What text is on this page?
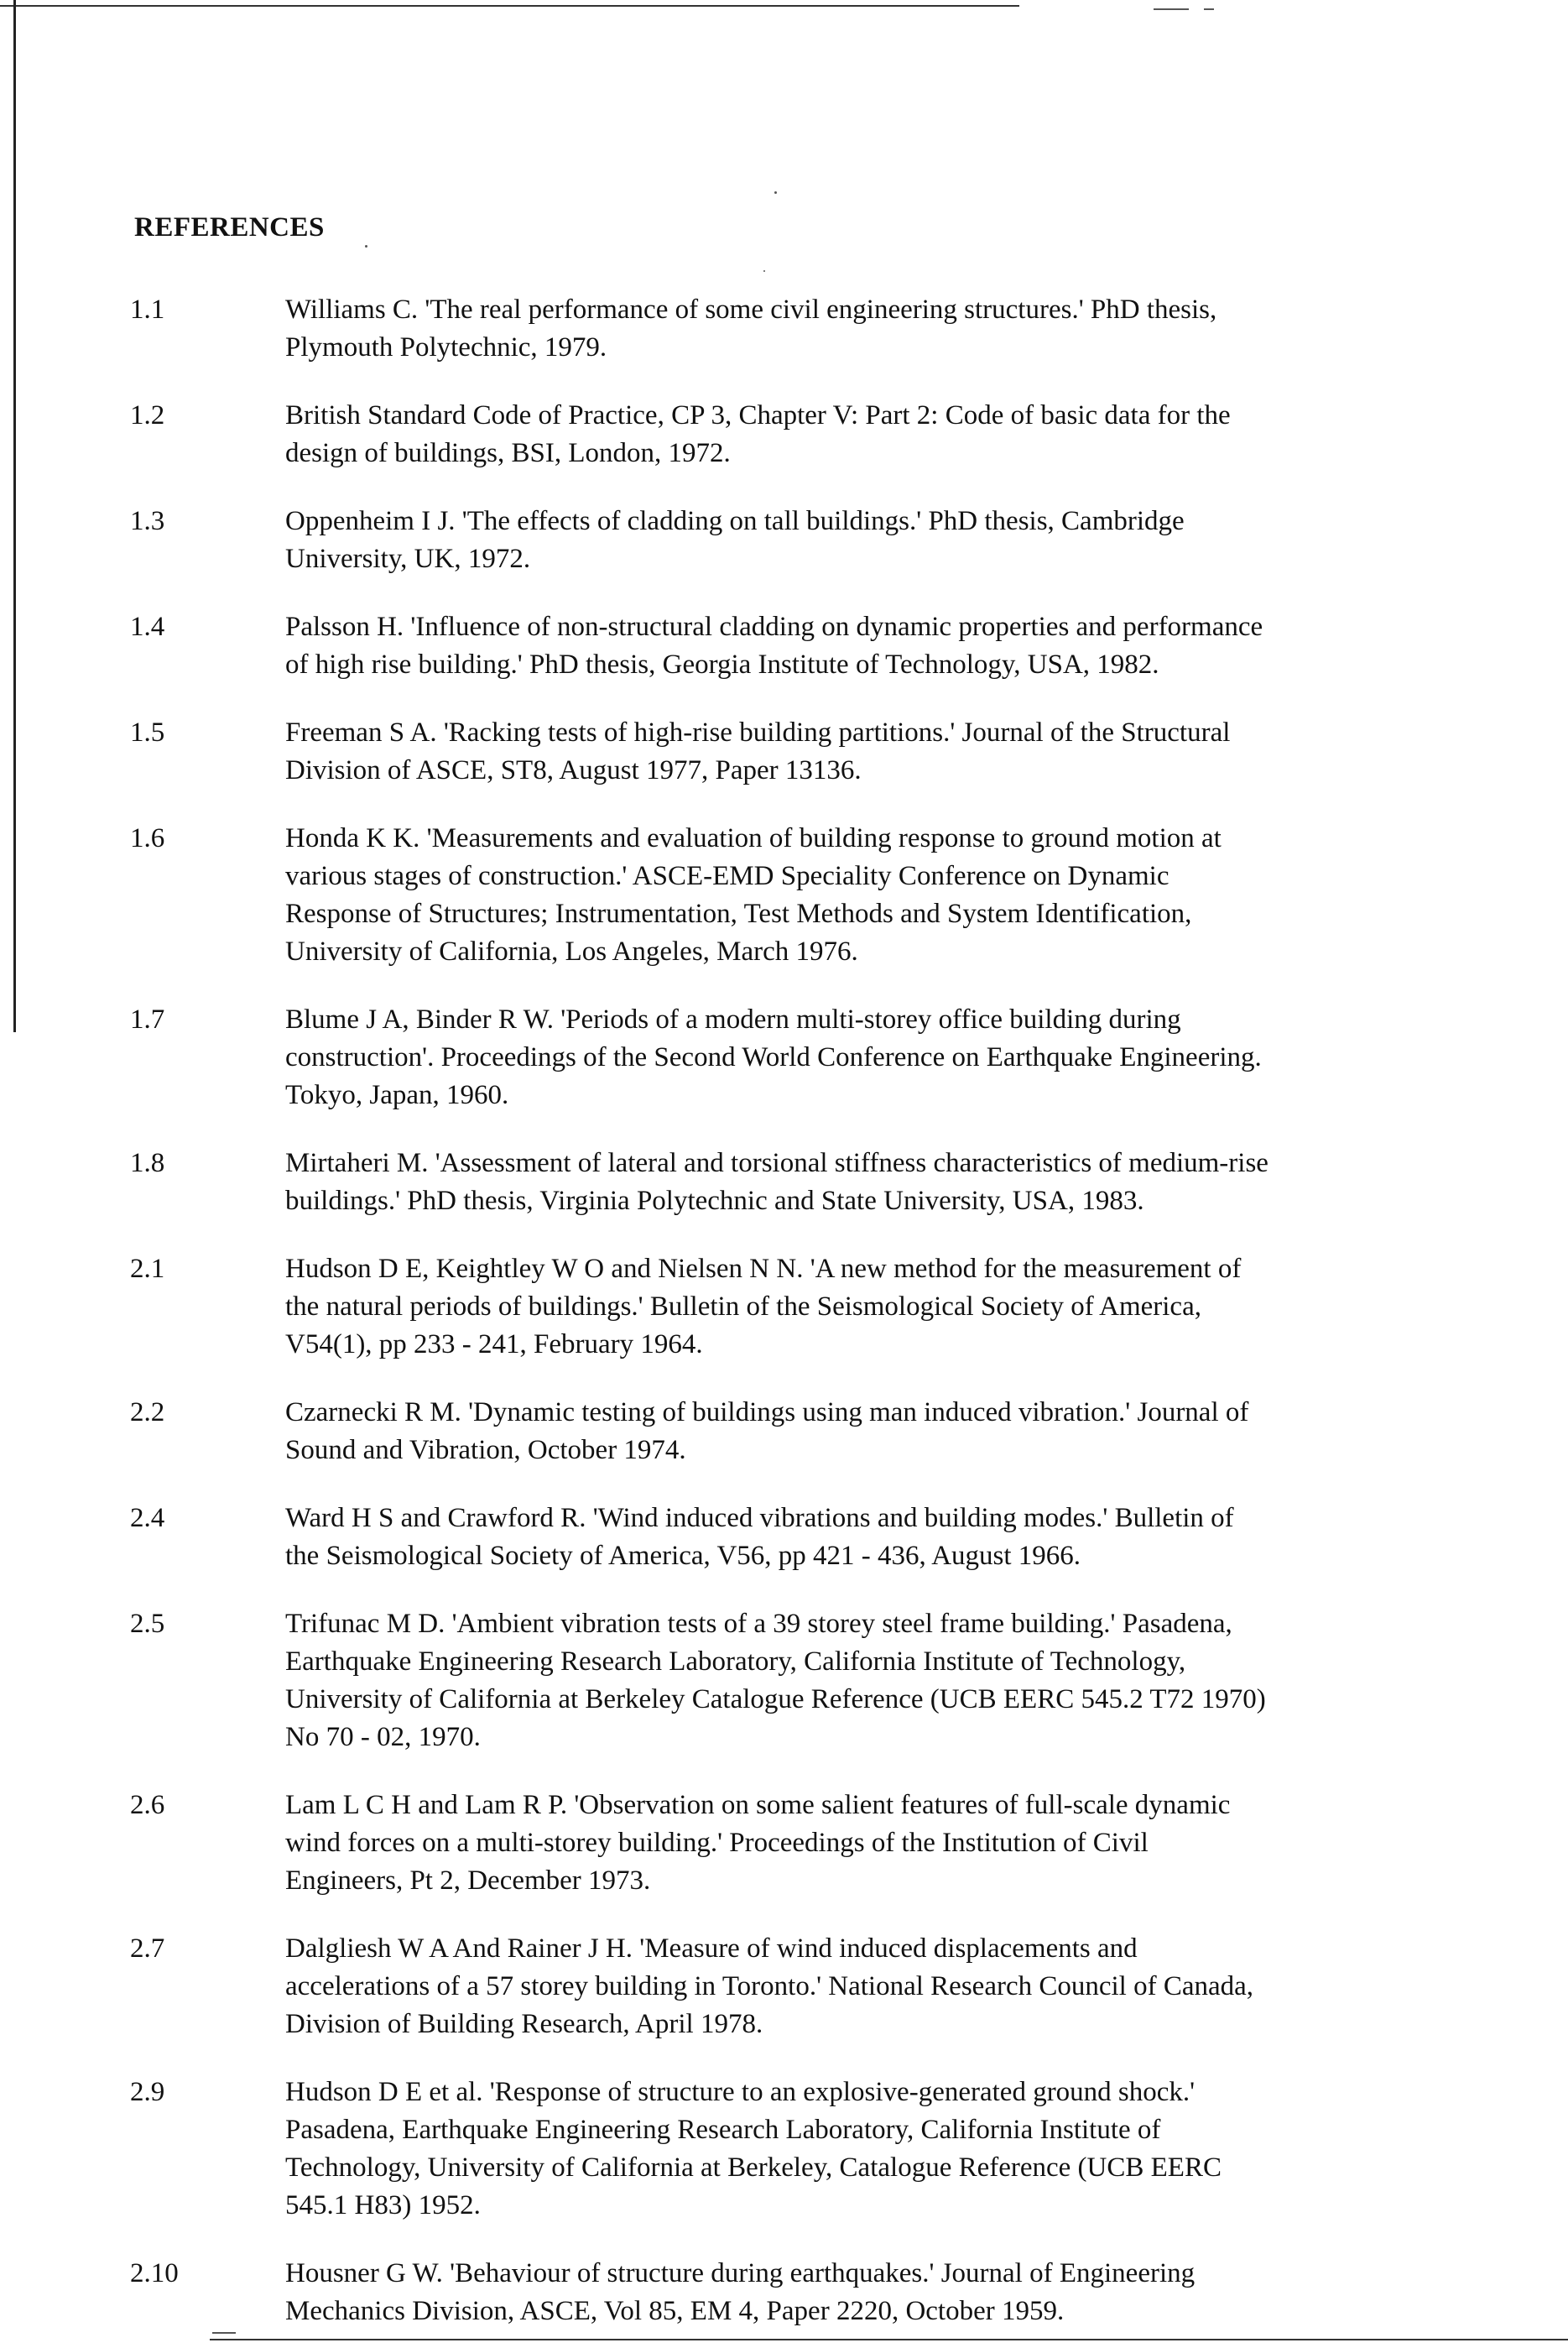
REFERENCES
1.1	Williams C. 'The real performance of some civil engineering structures.' PhD thesis,
Plymouth Polytechnic, 1979.
1.2	British Standard Code of Practice, CP 3, Chapter V: Part 2: Code of basic data for the
design of buildings, BSI, London, 1972.
1.3	Oppenheim I J. 'The effects of cladding on tall buildings.' PhD thesis, Cambridge
University, UK, 1972.
1.4	Palsson H. 'Influence of non-structural cladding on dynamic properties and performance
of high rise building.' PhD thesis, Georgia Institute of Technology, USA, 1982.
1.5	Freeman S A. 'Racking tests of high-rise building partitions.' Journal of the Structural
Division of ASCE, ST8, August 1977, Paper 13136.
1.6	Honda K K. 'Measurements and evaluation of building response to ground motion at
various stages of construction.' ASCE-EMD Speciality Conference on Dynamic
Response of Structures; Instrumentation, Test Methods and System Identification,
University of California, Los Angeles, March 1976.
1.7	Blume J A, Binder R W. 'Periods of a modern multi-storey office building during
construction'. Proceedings of the Second World Conference on Earthquake Engineering.
Tokyo, Japan, 1960.
1.8	Mirtaheri M. 'Assessment of lateral and torsional stiffness characteristics of medium-rise
buildings.' PhD thesis, Virginia Polytechnic and State University, USA, 1983.
2.1	Hudson D E, Keightley W O and Nielsen N N. 'A new method for the measurement of
the natural periods of buildings.' Bulletin of the Seismological Society of America,
V54(1), pp 233 - 241, February 1964.
2.2	Czarnecki R M. 'Dynamic testing of buildings using man induced vibration.' Journal of
Sound and Vibration, October 1974.
2.4	Ward H S and Crawford R. 'Wind induced vibrations and building modes.' Bulletin of
the Seismological Society of America, V56, pp 421 - 436, August 1966.
2.5	Trifunac M D. 'Ambient vibration tests of a 39 storey steel frame building.' Pasadena,
Earthquake Engineering Research Laboratory, California Institute of Technology,
University of California at Berkeley Catalogue Reference (UCB EERC 545.2 T72 1970)
No 70 - 02, 1970.
2.6	Lam L C H and Lam R P. 'Observation on some salient features of full-scale dynamic
wind forces on a multi-storey building.' Proceedings of the Institution of Civil
Engineers, Pt 2, December 1973.
2.7	Dalgliesh W A And Rainer J H. 'Measure of wind induced displacements and
accelerations of a 57 storey building in Toronto.' National Research Council of Canada,
Division of Building Research, April 1978.
2.9	Hudson D E et al. 'Response of structure to an explosive-generated ground shock.'
Pasadena, Earthquake Engineering Research Laboratory, California Institute of
Technology, University of California at Berkeley, Catalogue Reference (UCB EERC
545.1 H83) 1952.
2.10	Housner G W. 'Behaviour of structure during earthquakes.' Journal of Engineering
Mechanics Division, ASCE, Vol 85, EM 4, Paper 2220, October 1959.
